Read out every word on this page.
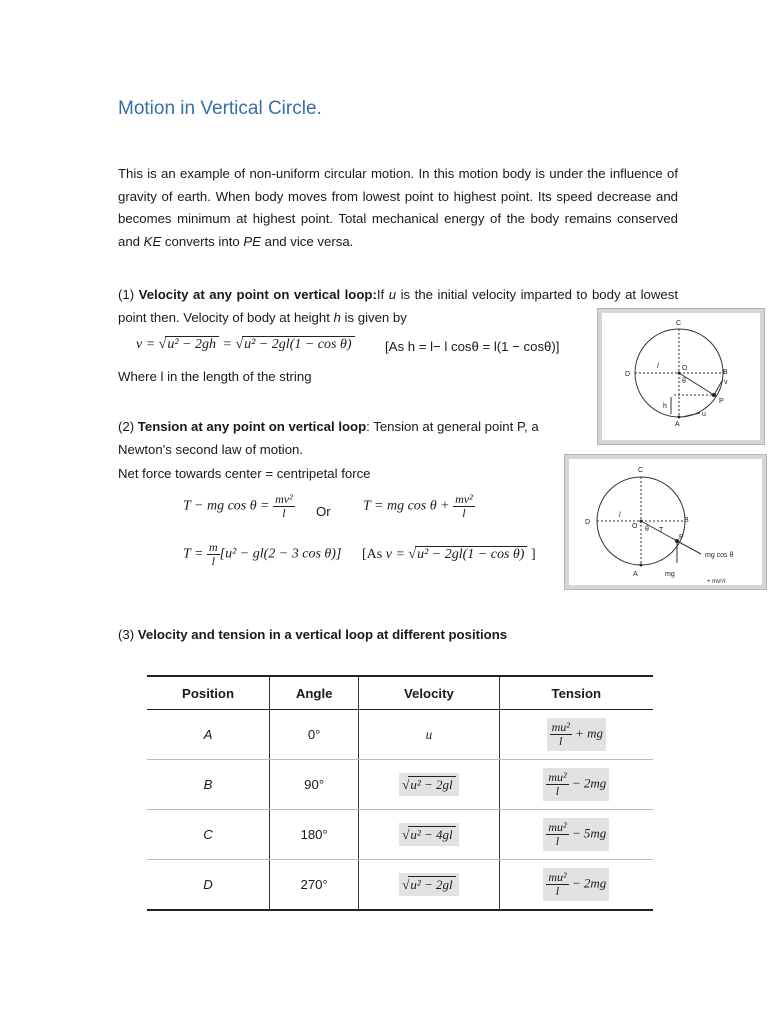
Motion in Vertical Circle.
This is an example of non-uniform circular motion. In this motion body is under the influence of gravity of earth. When body moves from lowest point to highest point. Its speed decrease and becomes minimum at highest point. Total mechanical energy of the body remains conserved and KE converts into PE and vice versa.
(1) Velocity at any point on vertical loop:If u is the initial velocity imparted to body at lowest point then. Velocity of body at height h is given by
v = √u² − 2gh = √u² − 2gl(1 − cos θ)	[As h = l− l cosθ = l(1 − cosθ)]
Where l in the length of the string
(2) Tension at any point on vertical loop: Tension at general point P, a
Newton's second law of motion.
Net force towards center = centripetal force
T − mg $\cos \theta = \frac{\text{mv²}}{l}$ Or T = mg $\cos \theta + \frac{\text{mv²}}{l}$
$T = \frac{m}{l} [u^2 - gl(2 - 3$ cos θ)] [As v = √u² − 2gl(1 − cos θ) ]
C
D
O
B
P
A
l
θ	v
h
u
C
D
O
B
P
A
l
θ T
mg
mg cos θ
+ mv²/r
(3) Velocity and tension in a vertical loop at different positions
Position	Angle	Velocity	Tension
A	0°	u	$\frac{\text{mu²}}{l}$ + mg
B	90°	√u² − 2gl	$\frac{\text{mu²}}{l} - 2mg$
C	180°	√u² − 4gl	$\frac{\text{mu²}}{l} - 5mg$
D	270°	√u² − 2gl	$\frac{\text{mu²}}{l} - 2mg$
